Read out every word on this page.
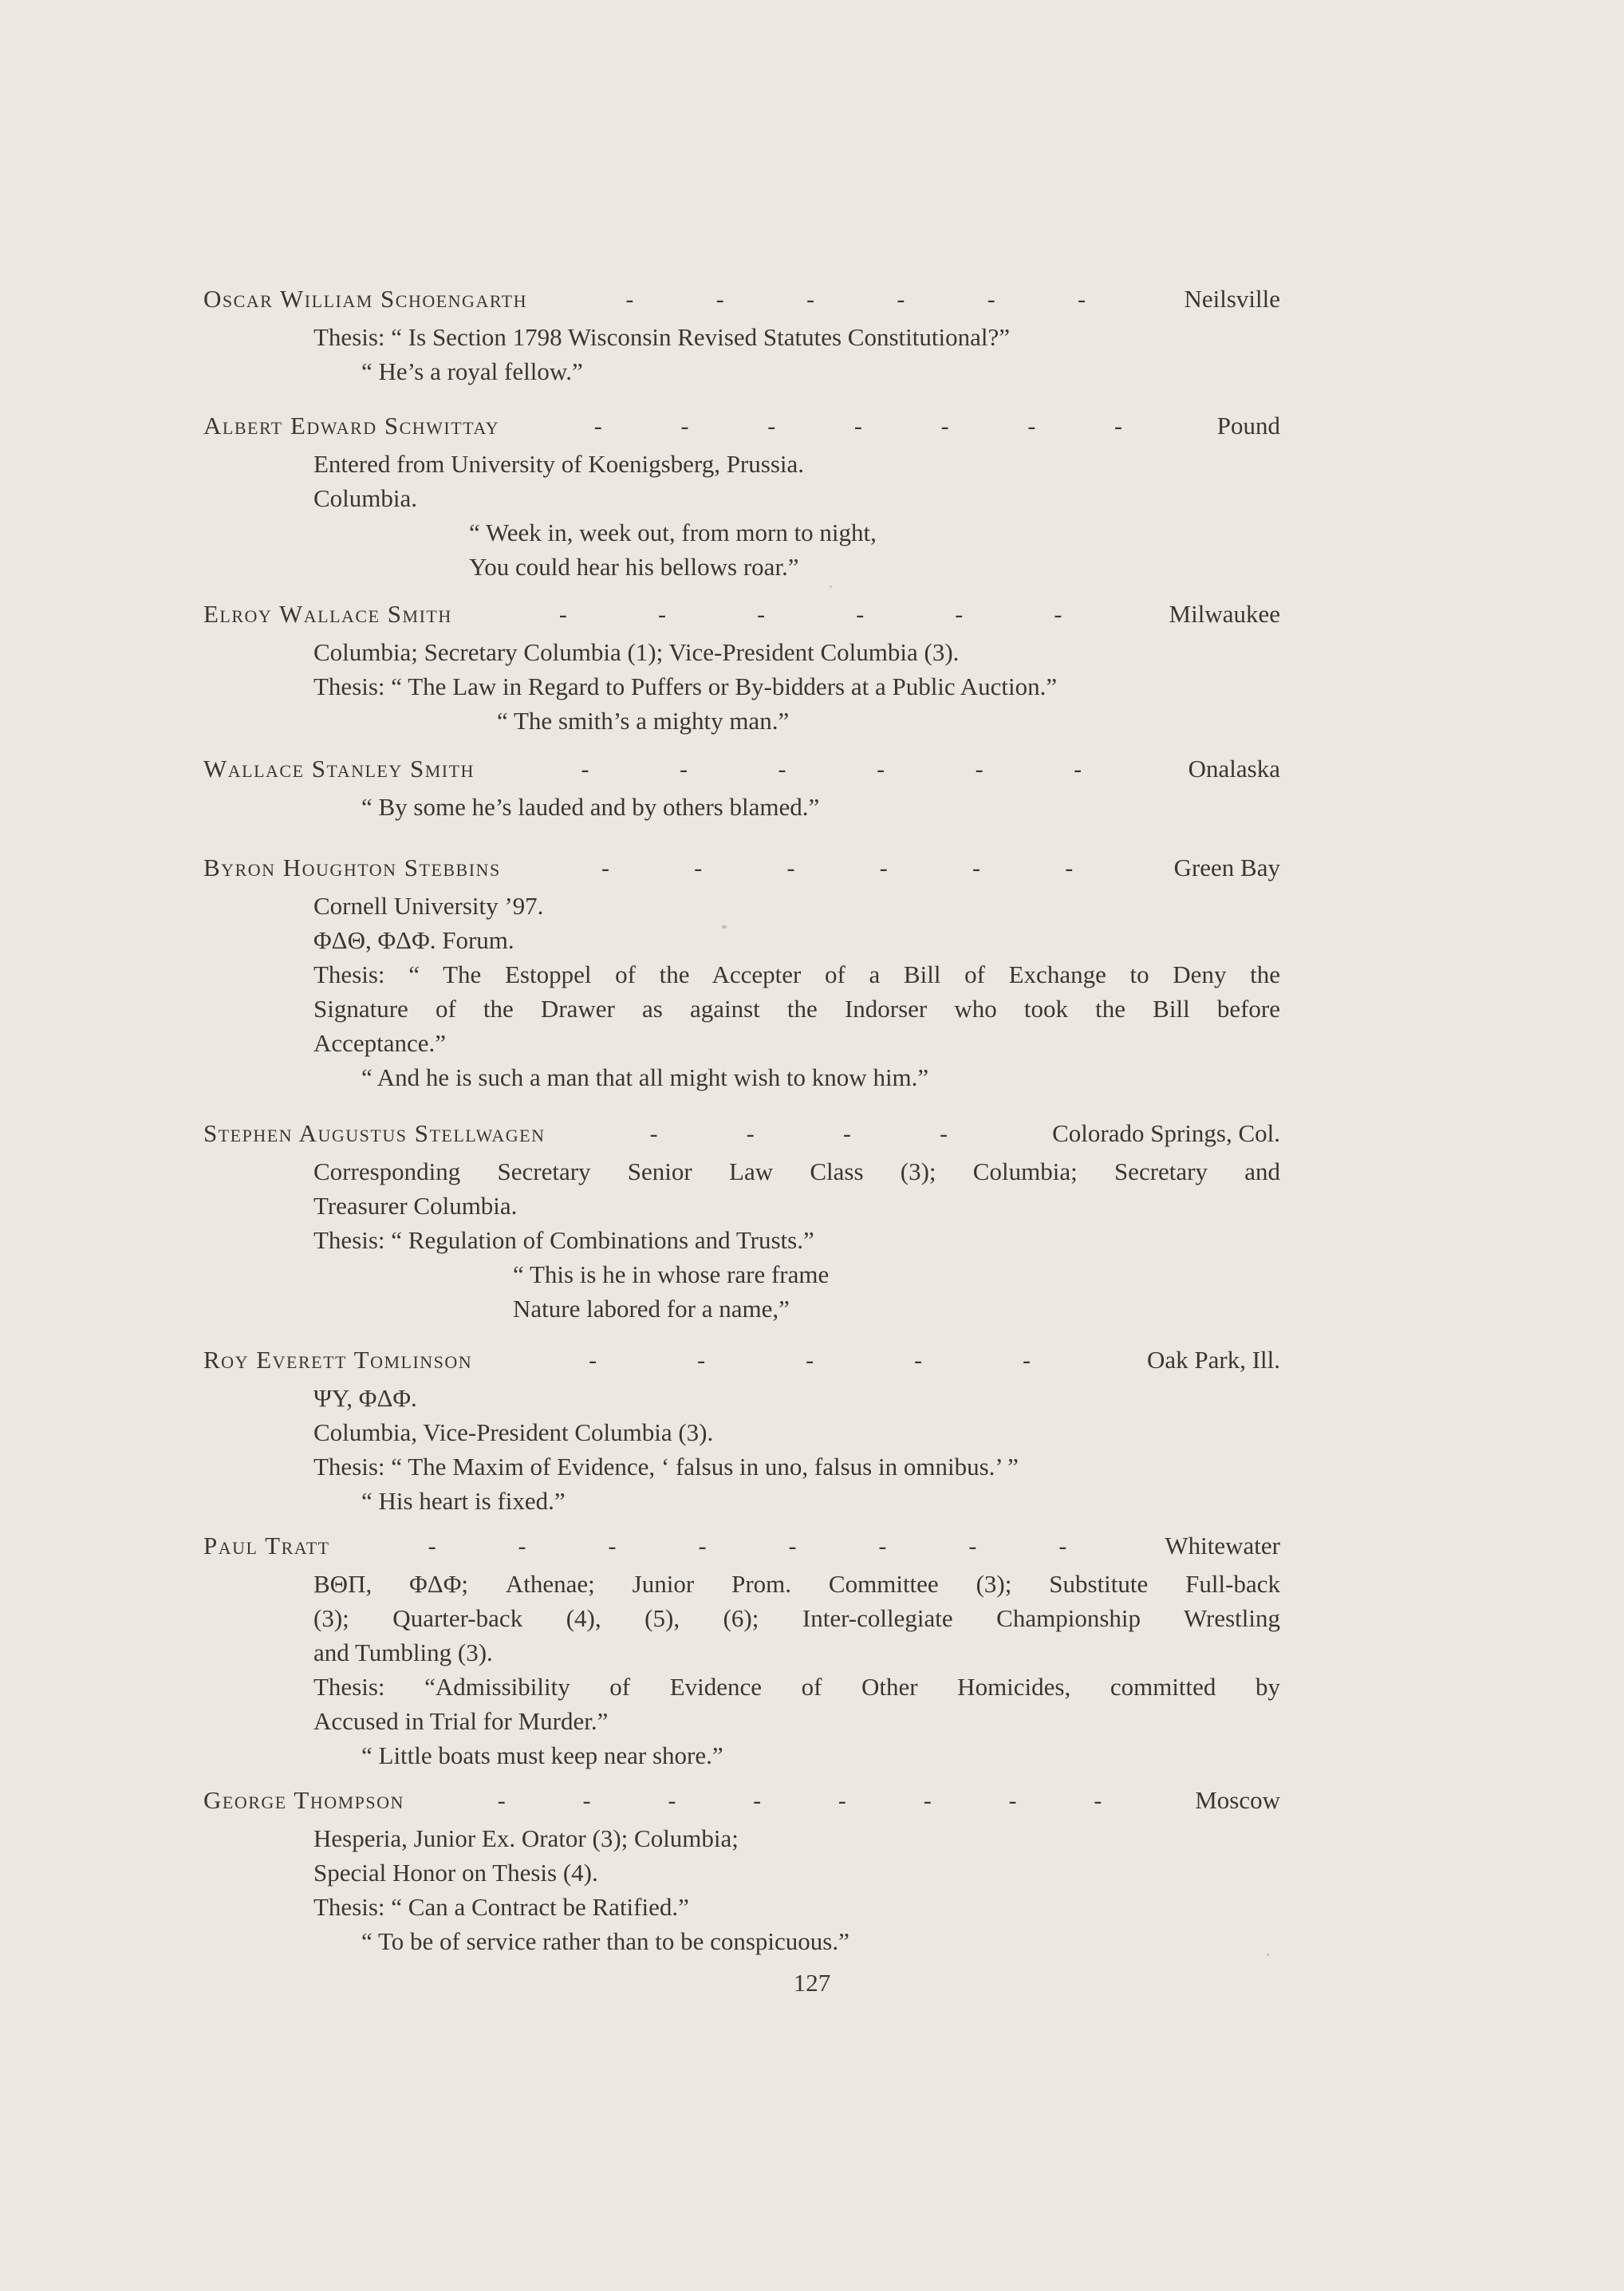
Oscar William Schoengarth	-	-	-	-	-	-	Neilsville
Thesis: “ Is Section 1798 Wisconsin Revised Statutes Constitutional?”
“ He’s a royal fellow.”
Albert Edward Schwittay	-	-	-	-	-	-	-	Pound
Entered from University of Koenigsberg, Prussia.
Columbia.
“ Week in, week out, from morn to night,
You could hear his bellows roar.”
Elroy Wallace Smith	-	-	-	-	-	-	Milwaukee
Columbia; Secretary Columbia (1); Vice-President Columbia (3).
Thesis: “ The Law in Regard to Puffers or By-bidders at a Public Auction.”
“ The smith’s a mighty man.”
Wallace Stanley Smith	-	-	-	-	-	-	Onalaska
“ By some he’s lauded and by others blamed.”
Byron Houghton Stebbins	-	-	-	-	-	-	Green Bay
Cornell University ’97.
ΦΔΘ, ΦΔΦ. Forum.
Thesis: “ The Estoppel of the Accepter of a Bill of Exchange to Deny the
Signature of the Drawer as against the Indorser who took the Bill before
Acceptance.”
“ And he is such a man that all might wish to know him.”
Stephen Augustus Stellwagen	-	-	-	-	Colorado Springs, Col.
Corresponding Secretary Senior Law Class (3); Columbia; Secretary and
Treasurer Columbia.
Thesis: “ Regulation of Combinations and Trusts.”
“ This is he in whose rare frame
Nature labored for a name,”
Roy Everett Tomlinson	-	-	-	-	-	Oak Park, Ill.
ΨΥ, ΦΔΦ.
Columbia, Vice-President Columbia (3).
Thesis: “ The Maxim of Evidence, ‘ falsus in uno, falsus in omnibus.’ ”
“ His heart is fixed.”
Paul Tratt	-	-	-	-	-	-	-	-	Whitewater
ΒΘΠ, ΦΔΦ; Athenae; Junior Prom. Committee (3); Substitute Full-back
(3); Quarter-back (4), (5), (6); Inter-collegiate Championship Wrestling
and Tumbling (3).
Thesis: “Admissibility of Evidence of Other Homicides, committed by
Accused in Trial for Murder.”
“ Little boats must keep near shore.”
George Thompson	-	-	-	-	-	-	-	-	Moscow
Hesperia, Junior Ex. Orator (3); Columbia;
Special Honor on Thesis (4).
Thesis: “ Can a Contract be Ratified.”
“ To be of service rather than to be conspicuous.”
127
